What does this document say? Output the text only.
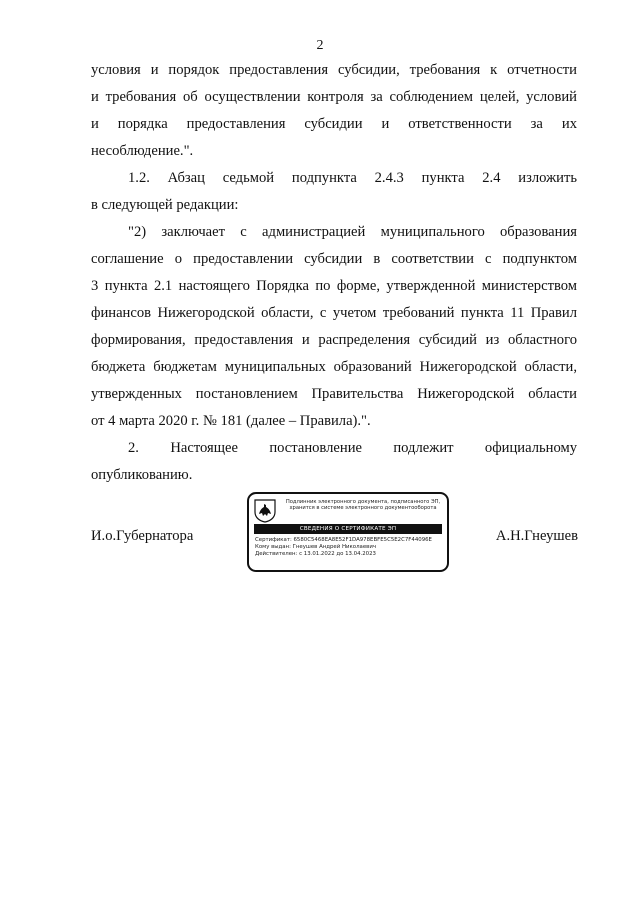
2

условия и порядок предоставления субсидии, требования к отчетности
и требования об осуществлении контроля за соблюдением целей, условий
и порядка предоставления субсидии и ответственности за их
несоблюдение.".

1.2. Абзац седьмой подпункта 2.4.3 пункта 2.4 изложить
в следующей редакции:

"2) заключает с администрацией муниципального образования
соглашение о предоставлении субсидии в соответствии с подпунктом
3 пункта 2.1 настоящего Порядка по форме, утвержденной министерством
финансов Нижегородской области, с учетом требований пункта 11 Правил
формирования, предоставления и распределения субсидий из областного
бюджета бюджетам муниципальных образований Нижегородской области,
утвержденных постановлением Правительства Нижегородской области
от 4 марта 2020 г. № 181 (далее – Правила).".

2. Настоящее постановление подлежит официальному
опубликованию.

И.о.Губернатора	А.Н.Гнеушев
Подлинник электронного документа, подписанного ЭП, хранится в системе электронного документооборота
СВЕДЕНИЯ О СЕРТИФИКАТЕ ЭП
Сертификат: 6580C5468EA8E52F1DA978EBFE5C5E2C7F44096E
Кому выдан: Гнеушев Андрей Николаевич
Действителен: с 13.01.2022 до 13.04.2023
